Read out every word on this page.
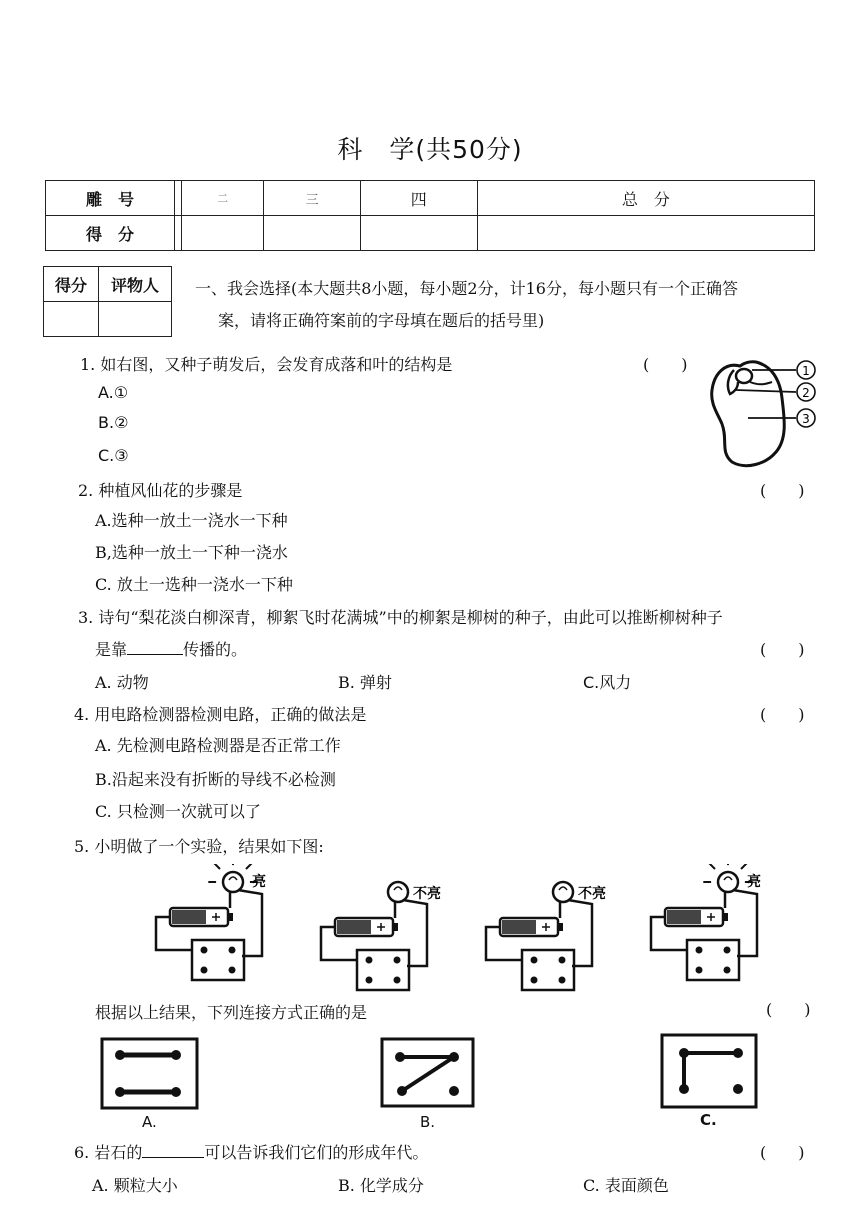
科　学(共50分)
雕　号		二	三	四	总　分
得　分					
得分	评物人
	一、我会选择(本大题共8小题，每小题2分，计16分，每小题只有一个正确答
案，请将正确符案前的字母填在题后的括号里)
1. 如右图，又种子萌发后，会发育成落和叶的结构是	(　　)
A.①
B.②
C.③
1
2
3
2. 种植风仙花的步骤是	(　　)
A.选种一放土一浇水一下种
B,选种一放土一下种一浇水
C. 放土一选种一浇水一下种
3. 诗句“梨花淡白柳深青，柳絮飞时花满城”中的柳絮是柳树的种子，由此可以推断柳树种子
是靠	传播的。	(　　)
A. 动物	B. 弹射	C.风力
4. 用电路检测器检测电路，正确的做法是	(　　)
A. 先检测电路检测器是否正常工作
B.沿起来没有折断的导线不必检测
C. 只检测一次就可以了
5. 小明做了一个实验，结果如下图:
亮
不亮	不亮
亮
根据以上结果，下列连接方式正确的是	(　　)
A.	B.	C.
6. 岩石的	可以告诉我们它们的形成年代。	(　　)
A. 颗粒大小	B. 化学成分	C. 表面颜色
